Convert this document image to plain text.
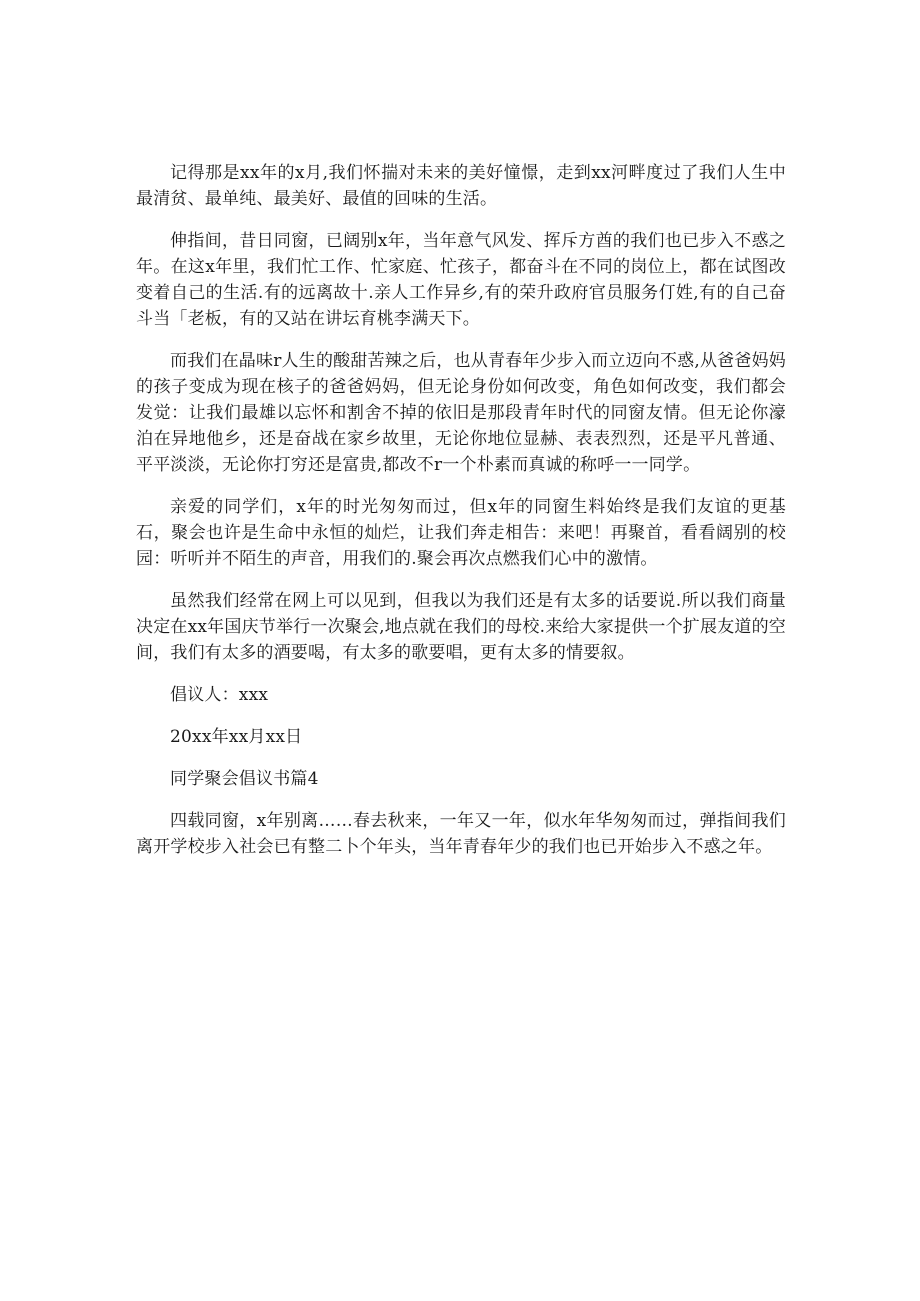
记得那是xx年的x月,我们怀揣对未来的美好憧憬，走到xx河畔度过了我们人生中最清贫、最单纯、最美好、最值的回味的生活。

伸指间，昔日同窗，已阔别x年，当年意气风发、挥斥方酋的我们也已步入不惑之年。在这x年里，我们忙工作、忙家庭、忙孩子，都奋斗在不同的岗位上，都在试图改变着自己的生活.有的远离故十.亲人工作异乡,有的荣升政府官员服务仃姓,有的自己奋斗当「老板，有的又站在讲坛育桃李满天下。

而我们在晶味r人生的酸甜苦辣之后，也从青春年少步入而立迈向不惑,从爸爸妈妈的孩子变成为现在核子的爸爸妈妈，但无论身份如何改变，角色如何改变，我们都会发觉：让我们最雄以忘怀和割舍不掉的依旧是那段青年时代的同窗友情。但无论你濠泊在异地他乡，还是奋战在家乡故里，无论你地位显赫、表表烈烈，还是平凡普通、平平淡淡，无论你打穷还是富贵,都改不r一个朴素而真诚的称呼一一同学。

亲爱的同学们，x年的时光匆匆而过，但x年的同窗生料始终是我们友谊的更基石，聚会也许是生命中永恒的灿烂，让我们奔走相告：来吧！再聚首，看看阔别的校园：听听并不陌生的声音，用我们的.聚会再次点燃我们心中的激情。

虽然我们经常在网上可以见到，但我以为我们还是有太多的话要说.所以我们商量决定在xx年国庆节举行一次聚会,地点就在我们的母校.来给大家提供一个扩展友道的空间，我们有太多的酒要喝，有太多的歌要唱，更有太多的情要叙。

倡议人：xxx

20xx年xx月xx日

同学聚会倡议书篇4

四载同窗，x年别离……春去秋来，一年又一年，似水年华匆匆而过，弹指间我们离开学校步入社会已有整二卜个年头，当年青春年少的我们也已开始步入不惑之年。
